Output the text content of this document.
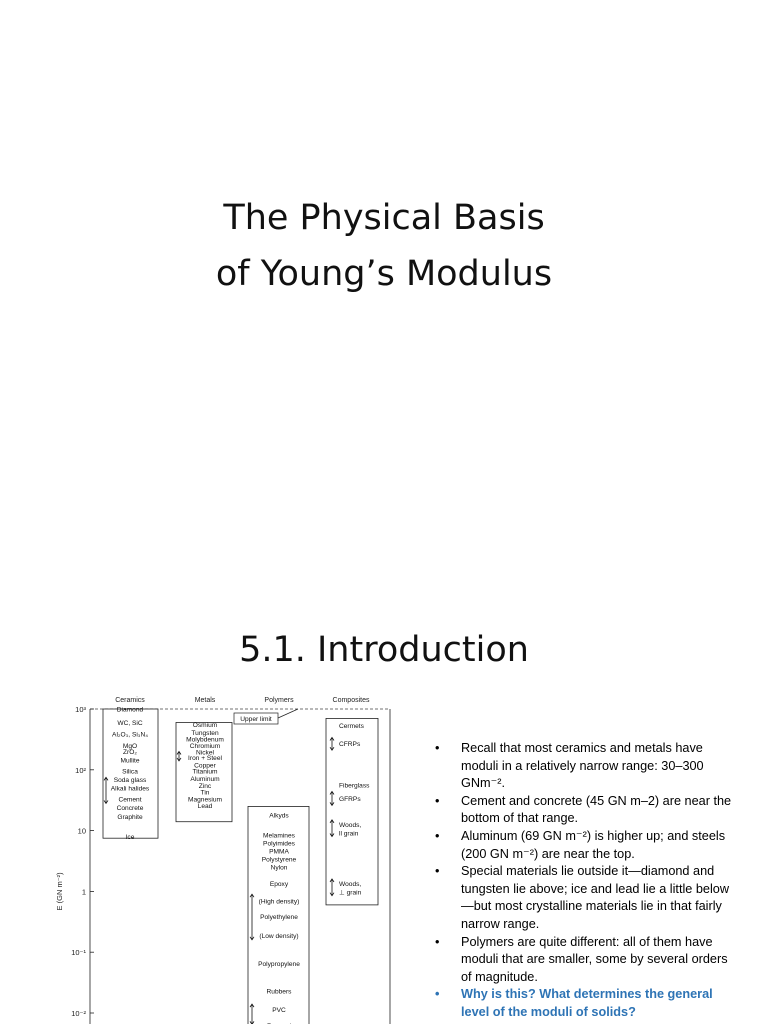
The Physical Basis
of Young’s Modulus
5.1. Introduction
10³
10²
10
1
10⁻¹
10⁻²
E (GN m⁻²)
Ceramics
Diamond
WC, SiC
Al₂O₃, Si₃N₄
MgO
ZrO₂
Mullite
Silica
Soda glass
Alkali halides
Cement
Concrete
Graphite
Ice
Metals
Osmium
Tungsten
Molybdenum
Chromium
Nickel
Iron + Steel
Copper
Titanium
Aluminum
Zinc
Tin
Magnesium
Lead
Polymers
Alkyds
Melamines
Polyimides
PMMA
Polystyrene
Nylon
Epoxy
(High density)
Polyethylene
(Low density)
Polypropylene
Rubbers
PVC
Composites
Cermets
CFRPs
Fiberglass
GFRPs
Woods,
ll grain
Woods,
⊥ grain
Upper limit
• Recall that most ceramics and metals have moduli in a relatively narrow range: 30–300 GNm⁻².
• Cement and concrete (45 GN m–2) are near the bottom of that range.
• Aluminum (69 GN m⁻²) is higher up; and steels (200 GN m⁻²) are near the top.
• Special materials lie outside it—diamond and tungsten lie above; ice and lead lie a little below—but most crystalline materials lie in that fairly narrow range.
• Polymers are quite different: all of them have moduli that are smaller, some by several orders of magnitude.
• Why is this? What determines the general level of the moduli of solids?
